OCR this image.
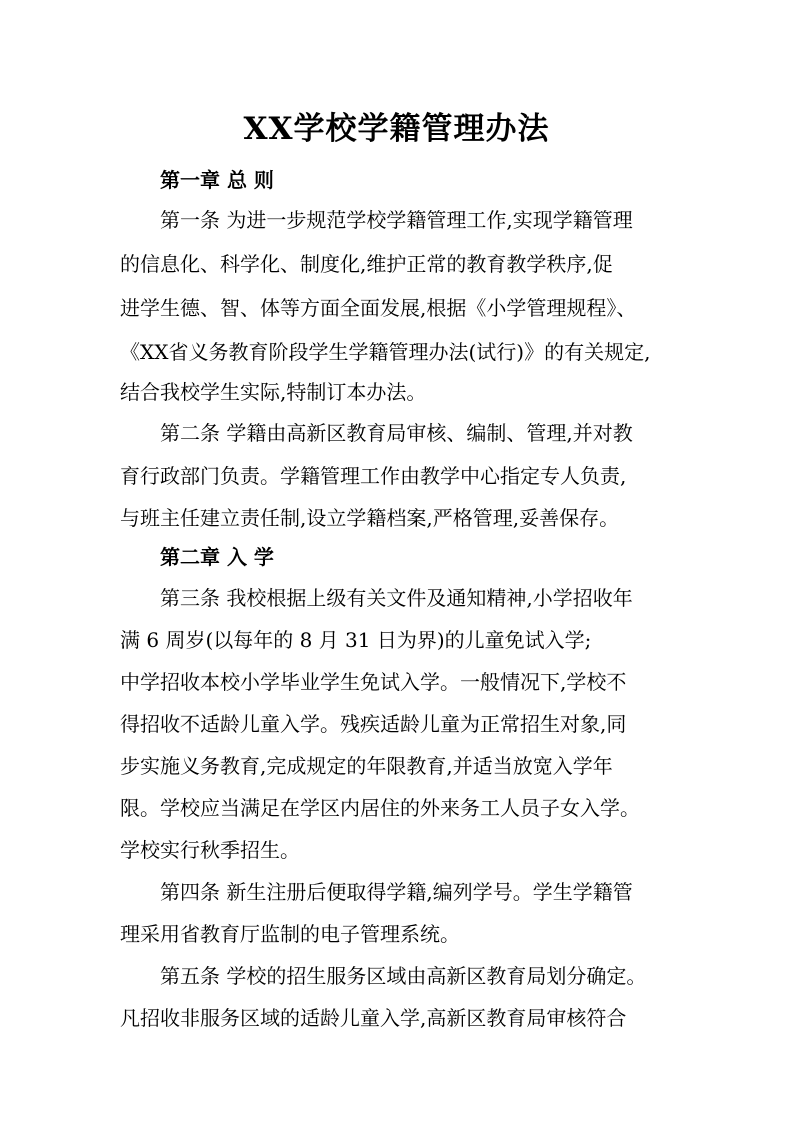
XX学校学籍管理办法
第一章 总 则
第一条 为进一步规范学校学籍管理工作,实现学籍管理
的信息化、科学化、制度化,维护正常的教育教学秩序,促
进学生德、智、体等方面全面发展,根据《小学管理规程》、
《XX省义务教育阶段学生学籍管理办法(试行)》的有关规定,
结合我校学生实际,特制订本办法。
第二条 学籍由高新区教育局审核、编制、管理,并对教
育行政部门负责。学籍管理工作由教学中心指定专人负责,
与班主任建立责任制,设立学籍档案,严格管理,妥善保存。
第二章 入 学
第三条 我校根据上级有关文件及通知精神,小学招收年
满 6 周岁(以每年的 8 月 31 日为界)的儿童免试入学;
中学招收本校小学毕业学生免试入学。一般情况下,学校不
得招收不适龄儿童入学。残疾适龄儿童为正常招生对象,同
步实施义务教育,完成规定的年限教育,并适当放宽入学年
限。学校应当满足在学区内居住的外来务工人员子女入学。
学校实行秋季招生。
第四条 新生注册后便取得学籍,编列学号。学生学籍管
理采用省教育厅监制的电子管理系统。
第五条 学校的招生服务区域由高新区教育局划分确定。
凡招收非服务区域的适龄儿童入学,高新区教育局审核符合
